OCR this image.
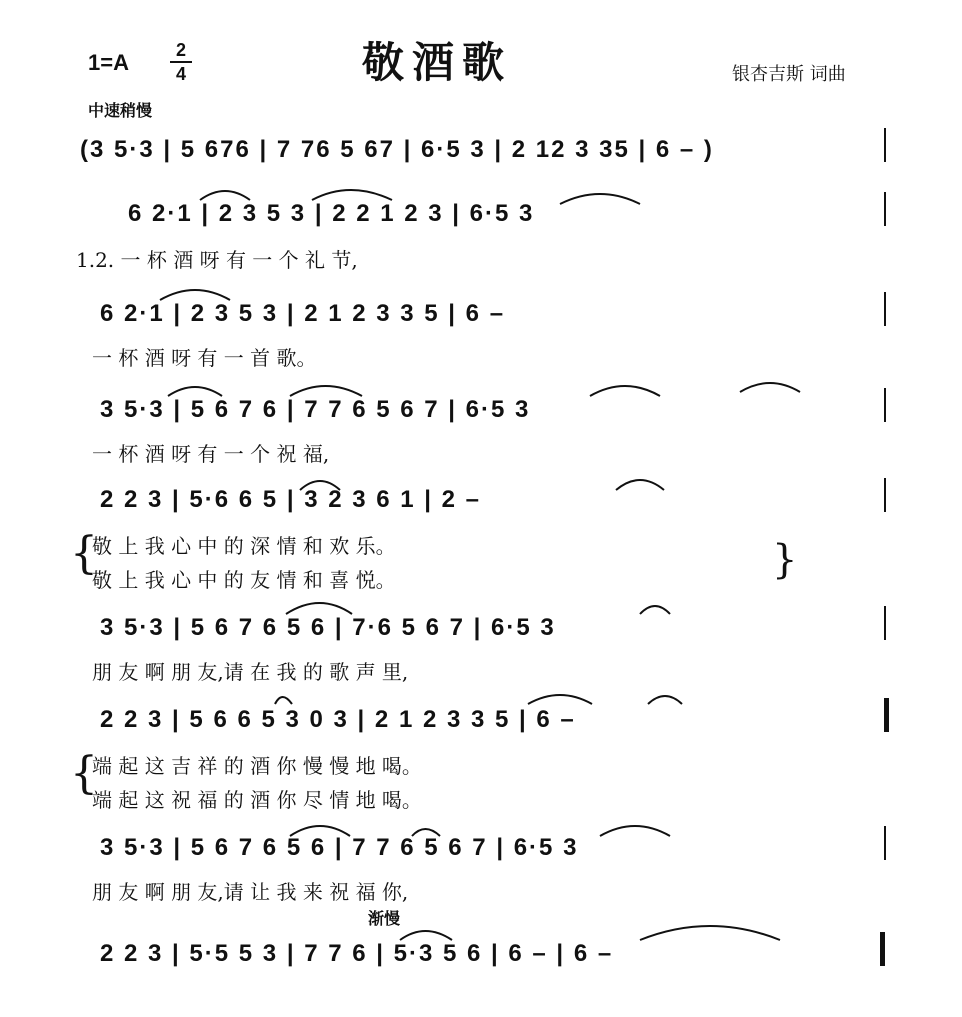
1=A	2
4	敬酒歌	银杏吉斯 词曲
中速稍慢
渐慢
(3 5·3 | 5 676 | 7 76 5 67 | 6·5 3 | 2 12 3 35 | 6 – )
6 2·1 | 2 3 5 3 | 2 2 1 2 3 | 6·5 3
1.2. 一 杯 酒 呀 有 一 个 礼 节,
6 2·1 | 2 3 5 3 | 2 1 2 3 3 5 | 6 –
一 杯 酒 呀 有 一 首 歌。
3 5·3 | 5 6 7 6 | 7 7 6 5 6 7 | 6·5 3
一 杯 酒 呀 有 一 个 祝 福,
2 2 3 | 5·6 6 5 | 3 2 3 6 1 | 2 –
{
敬 上 我 心 中 的 深 情 和 欢 乐。
敬 上 我 心 中 的 友 情 和 喜 悦。	}
3 5·3 | 5 6 7 6 5 6 | 7·6 5 6 7 | 6·5 3
朋 友 啊 朋 友,请 在 我 的 歌 声 里,
2 2 3 | 5 6 6 5 3 0 3 | 2 1 2 3 3 5 | 6 –
{
端 起 这 吉 祥 的 酒 你 慢 慢 地 喝。
端 起 这 祝 福 的 酒 你 尽 情 地 喝。
3 5·3 | 5 6 7 6 5 6 | 7 7 6 5 6 7 | 6·5 3
朋 友 啊 朋 友,请 让 我 来 祝 福 你,
2 2 3 | 5·5 5 3 | 7 7 6 | 5·3 5 6 | 6 – | 6 –
